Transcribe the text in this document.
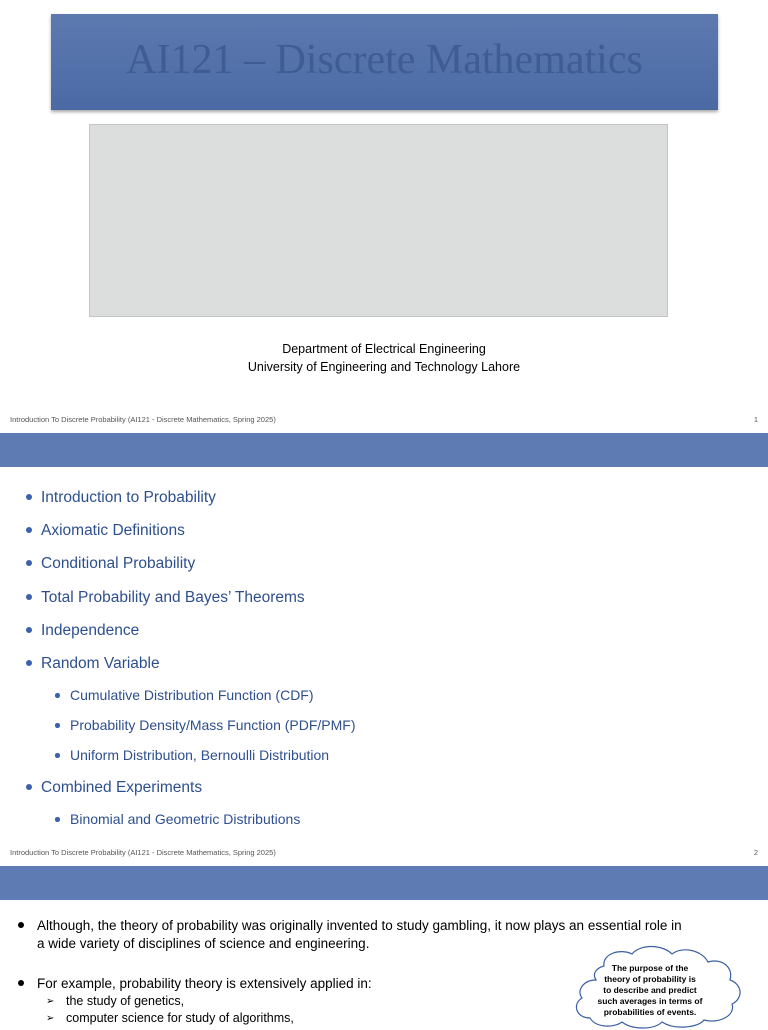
AI121 – Discrete Mathematics
Department of Electrical Engineering
University of Engineering and Technology Lahore
Introduction To Discrete Probability (AI121 - Discrete Mathematics, Spring 2025)	1
Introduction to Probability
Axiomatic Definitions
Conditional Probability
Total Probability and Bayes’ Theorems
Independence
Random Variable
Cumulative Distribution Function (CDF)
Probability Density/Mass Function (PDF/PMF)
Uniform Distribution, Bernoulli Distribution
Combined Experiments
Binomial and Geometric Distributions
Introduction To Discrete Probability (AI121 - Discrete Mathematics, Spring 2025)	2
Although, the theory of probability was originally invented to study gambling, it now plays an essential role in
a wide variety of disciplines of science and engineering.
For example, probability theory is extensively applied in:
➢ the study of genetics,
➢ computer science for study of algorithms,
The purpose of the
theory of probability is
to describe and predict
such averages in terms of
probabilities of events.
